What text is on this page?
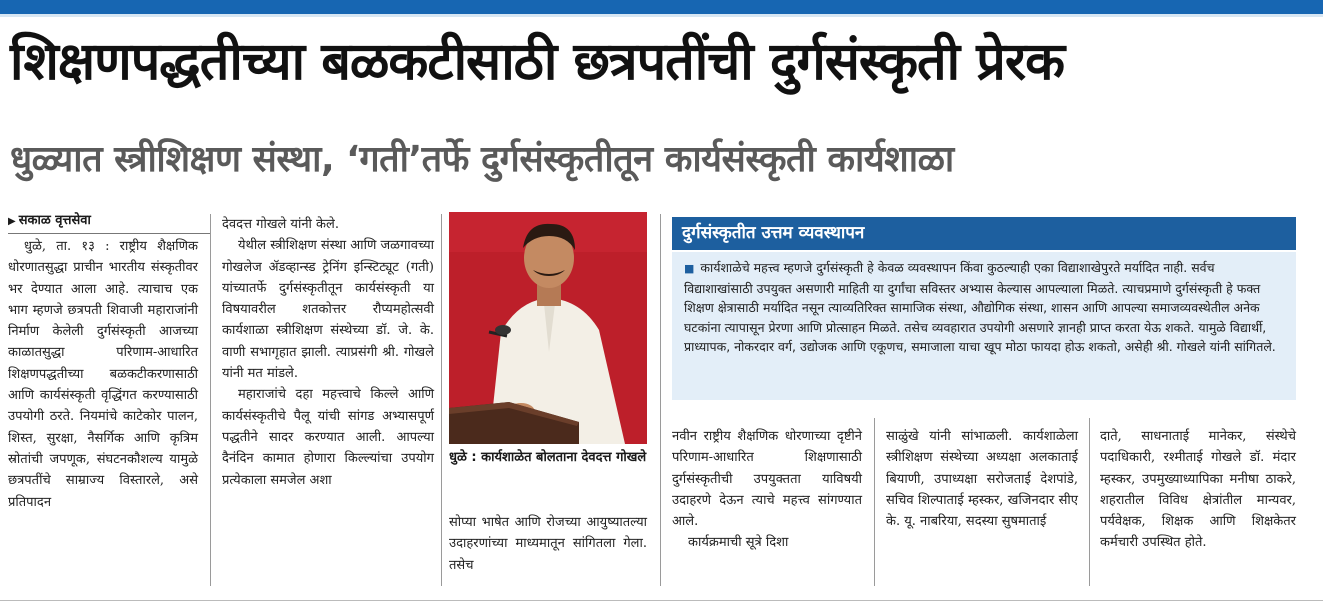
शिक्षणपद्धतीच्या बळकटीसाठी छत्रपतींची दुर्गसंस्कृती प्रेरक
धुळ्यात स्त्रीशिक्षण संस्था, ‘गती’तर्फे दुर्गसंस्कृतीतून कार्यसंस्कृती कार्यशाळा
▶ सकाळ वृत्तसेवा

धुळे, ता. १३ : राष्ट्रीय शैक्षणिक धोरणातसुद्धा प्राचीन भारतीय संस्कृतीवर भर देण्यात आला आहे. त्याचाच एक भाग म्हणजे छत्रपती शिवाजी महाराजांनी निर्माण केलेली दुर्गसंस्कृती आजच्या काळातसुद्धा परिणाम-आधारित शिक्षणपद्धतीच्या बळकटीकरणासाठी आणि कार्यसंस्कृती वृद्धिंगत करण्यासाठी उपयोगी ठरते. नियमांचे काटेकोर पालन, शिस्त, सुरक्षा, नैसर्गिक आणि कृत्रिम स्रोतांची जपणूक, संघटनकौशल्य यामुळे छत्रपतींचे साम्राज्य विस्तारले, असे प्रतिपादन

देवदत्त गोखले यांनी केले.

येथील स्त्रीशिक्षण संस्था आणि जळगावच्या गोखलेज ॲडव्हान्स्ड ट्रेनिंग इन्स्टिट्यूट (गती) यांच्यातर्फे दुर्गसंस्कृतीतून कार्यसंस्कृती या विषयावरील शतकोत्तर रौप्यमहोत्सवी कार्यशाळा स्त्रीशिक्षण संस्थेच्या डॉ. जे. के. वाणी सभागृहात झाली. त्याप्रसंगी श्री. गोखले यांनी मत मांडले.

महाराजांचे दहा महत्त्वाचे किल्ले आणि कार्यसंस्कृतीचे पैलू यांची सांगड अभ्यासपूर्ण पद्धतीने सादर करण्यात आली. आपल्या दैनंदिन कामात होणारा किल्ल्यांचा उपयोग प्रत्येकाला समजेल अशा

धुळे : कार्यशाळेत बोलताना देवदत्त गोखले

सोप्या भाषेत आणि रोजच्या आयुष्यातल्या उदाहरणांच्या माध्यमातून सांगितला गेला. तसेच

दुर्गसंस्कृतीत उत्तम व्यवस्थापन
■ कार्यशाळेचे महत्त्व म्हणजे दुर्गसंस्कृती हे केवळ व्यवस्थापन किंवा कुठल्याही एका विद्याशाखेपुरते मर्यादित नाही. सर्वच विद्याशाखांसाठी उपयुक्त असणारी माहिती या दुर्गांचा सविस्तर अभ्यास केल्यास आपल्याला मिळते. त्याचप्रमाणे दुर्गसंस्कृती हे फक्त शिक्षण क्षेत्रासाठी मर्यादित नसून त्याव्यतिरिक्त सामाजिक संस्था, औद्योगिक संस्था, शासन आणि आपल्या समाजव्यवस्थेतील अनेक घटकांना त्यापासून प्रेरणा आणि प्रोत्साहन मिळते. तसेच व्यवहारात उपयोगी असणारे ज्ञानही प्राप्त करता येऊ शकते. यामुळे विद्यार्थी, प्राध्यापक, नोकरदार वर्ग, उद्योजक आणि एकूणच, समाजाला याचा खूप मोठा फायदा होऊ शकतो, असेही श्री. गोखले यांनी सांगितले.

नवीन राष्ट्रीय शैक्षणिक धोरणाच्या दृष्टीने परिणाम-आधारित शिक्षणासाठी दुर्गसंस्कृतीची उपयुक्तता याविषयी उदाहरणे देऊन त्याचे महत्त्व सांगण्यात आले.

कार्यक्रमाची सूत्रे दिशा

साळुंखे यांनी सांभाळली. कार्यशाळेला स्त्रीशिक्षण संस्थेच्या अध्यक्षा अलकाताई बियाणी, उपाध्यक्षा सरोजताई देशपांडे, सचिव शिल्पाताई म्हस्कर, खजिनदार सीए के. यू. नाबरिया, सदस्या सुषमाताई

दाते, साधनाताई मानेकर, संस्थेचे पदाधिकारी, रश्मीताई गोखले डॉ. मंदार म्हस्कर, उपमुख्याध्यापिका मनीषा ठाकरे, शहरातील विविध क्षेत्रांतील मान्यवर, पर्यवेक्षक, शिक्षक आणि शिक्षकेतर कर्मचारी उपस्थित होते.
